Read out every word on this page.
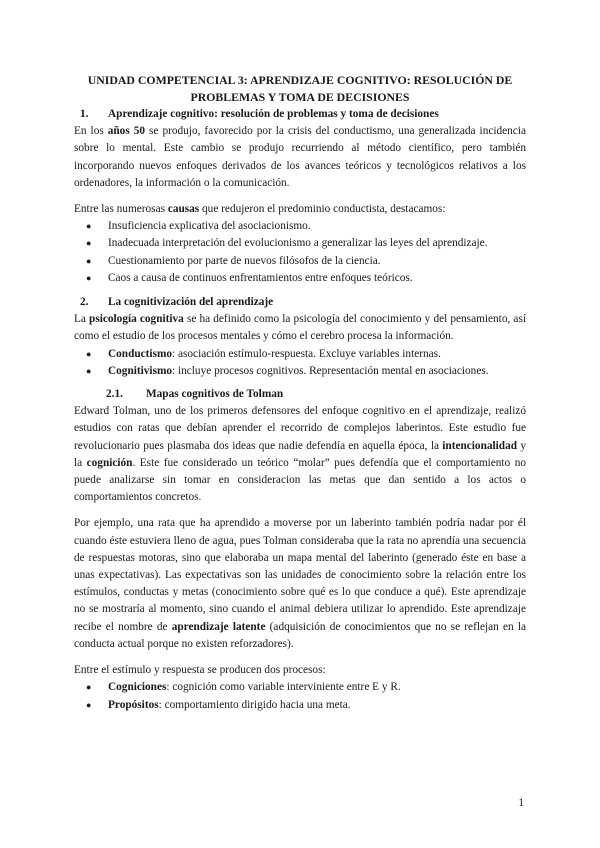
UNIDAD COMPETENCIAL 3: APRENDIZAJE COGNITIVO: RESOLUCIÓN DE
PROBLEMAS Y TOMA DE DECISIONES
1.	Aprendizaje cognitivo: resolución de problemas y toma de decisiones

En los años 50 se produjo, favorecido por la crisis del conductismo, una generalizada incidencia sobre lo mental. Este cambio se produjo recurriendo al método científico, pero también incorporando nuevos enfoques derivados de los avances teóricos y tecnológicos relativos a los ordenadores, la información o la comunicación.

Entre las numerosas causas que redujeron el predominio conductista, destacamos:

● Insuficiencia explicativa del asociacionismo.
● Inadecuada interpretación del evolucionismo a generalizar las leyes del aprendizaje.
● Cuestionamiento por parte de nuevos filósofos de la ciencia.
● Caos a causa de continuos enfrentamientos entre enfoques teóricos.
2.	La cognitivización del aprendizaje

La psicología cognitiva se ha definido como la psicología del conocimiento y del pensamiento, así como el estudio de los procesos mentales y cómo el cerebro procesa la información.

● Conductismo: asociación estímulo-respuesta. Excluye variables internas.
● Cognitivismo: incluye procesos cognitivos. Representación mental en asociaciones.
2.1.	Mapas cognitivos de Tolman

Edward Tolman, uno de los primeros defensores del enfoque cognitivo en el aprendizaje, realizó estudios con ratas que debían aprender el recorrido de complejos laberintos. Este estudio fue revolucionario pues plasmaba dos ideas que nadie defendía en aquella época, la intencionalidad y la cognición. Este fue considerado un teórico “molar” pues defendía que el comportamiento no puede analizarse sin tomar en consideracion las metas que dan sentido a los actos o comportamientos concretos.

Por ejemplo, una rata que ha aprendido a moverse por un laberinto también podría nadar por él cuando éste estuviera lleno de agua, pues Tolman consideraba que la rata no aprendía una secuencia de respuestas motoras, sino que elaboraba un mapa mental del laberinto (generado éste en base a unas expectativas). Las expectativas son las unidades de conocimiento sobre la relación entre los estímulos, conductas y metas (conocimiento sobre qué es lo que conduce a qué). Este aprendizaje no se mostraría al momento, sino cuando el animal debiera utilizar lo aprendido. Este aprendizaje recibe el nombre de aprendizaje latente (adquisición de conocimientos que no se reflejan en la conducta actual porque no existen reforzadores).

Entre el estímulo y respuesta se producen dos procesos:

● Cogniciones: cognición como variable interviniente entre E y R.
● Propósitos: comportamiento dirigido hacia una meta.
1
